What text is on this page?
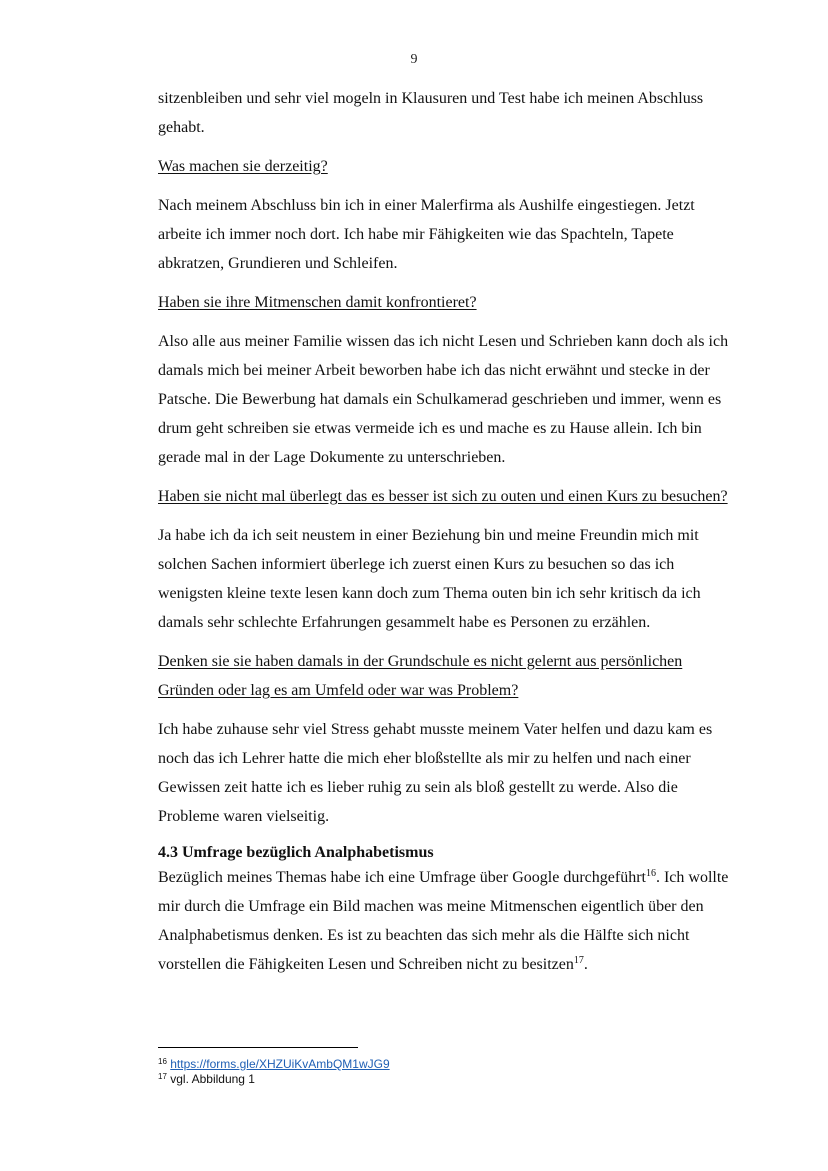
9

sitzenbleiben und sehr viel mogeln in Klausuren und Test habe ich meinen Abschluss gehabt.

Was machen sie derzeitig?

Nach meinem Abschluss bin ich in einer Malerfirma als Aushilfe eingestiegen. Jetzt arbeite ich immer noch dort. Ich habe mir Fähigkeiten wie das Spachteln, Tapete abkratzen, Grundieren und Schleifen.

Haben sie ihre Mitmenschen damit konfrontieret?

Also alle aus meiner Familie wissen das ich nicht Lesen und Schrieben kann doch als ich damals mich bei meiner Arbeit beworben habe ich das nicht erwähnt und stecke in der Patsche. Die Bewerbung hat damals ein Schulkamerad geschrieben und immer, wenn es drum geht schreiben sie etwas vermeide ich es und mache es zu Hause allein. Ich bin gerade mal in der Lage Dokumente zu unterschrieben.

Haben sie nicht mal überlegt das es besser ist sich zu outen und einen Kurs zu besuchen?

Ja habe ich da ich seit neustem in einer Beziehung bin und meine Freundin mich mit solchen Sachen informiert überlege ich zuerst einen Kurs zu besuchen so das ich wenigsten kleine texte lesen kann doch zum Thema outen bin ich sehr kritisch da ich damals sehr schlechte Erfahrungen gesammelt habe es Personen zu erzählen.

Denken sie sie haben damals in der Grundschule es nicht gelernt aus persönlichen Gründen oder lag es am Umfeld oder war was Problem?

Ich habe zuhause sehr viel Stress gehabt musste meinem Vater helfen und dazu kam es noch das ich Lehrer hatte die mich eher bloßstellte als mir zu helfen und nach einer Gewissen zeit hatte ich es lieber ruhig zu sein als bloß gestellt zu werde. Also die Probleme waren vielseitig.

4.3 Umfrage bezüglich Analphabetismus

Bezüglich meines Themas habe ich eine Umfrage über Google durchgeführt$^{16}$. Ich wollte mir durch die Umfrage ein Bild machen was meine Mitmenschen eigentlich über den Analphabetismus denken. Es ist zu beachten das sich mehr als die Hälfte sich nicht vorstellen die Fähigkeiten Lesen und Schreiben nicht zu besitzen$^{17}$.

$^{16}$ https://forms.gle/XHZUiKvAmbQM1wJG9
$^{17}$ vgl. Abbildung 1
